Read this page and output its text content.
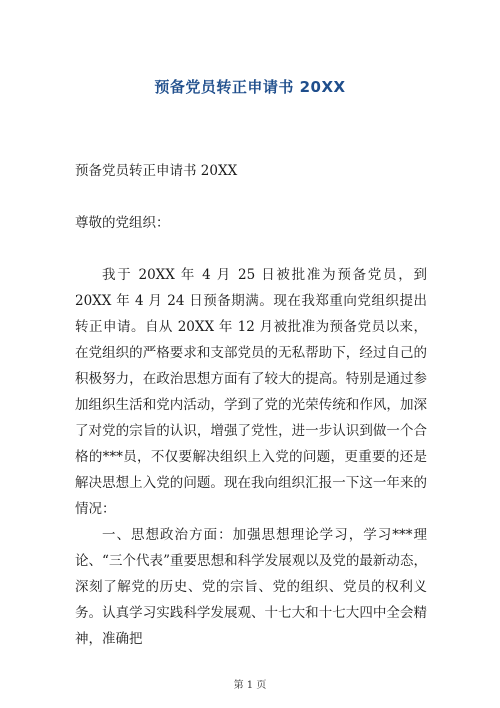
预备党员转正申请书 20XX
预备党员转正申请书 20XX
尊敬的党组织：
我于 20XX 年 4 月 25 日被批准为预备党员，到 20XX 年 4 月 24 日预备期满。现在我郑重向党组织提出转正申请。自从 20XX 年 12 月被批准为预备党员以来，在党组织的严格要求和支部党员的无私帮助下，经过自己的积极努力，在政治思想方面有了较大的提高。特别是通过参加组织生活和党内活动，学到了党的光荣传统和作风，加深了对党的宗旨的认识，增强了党性，进一步认识到做一个合格的***员，不仅要解决组织上入党的问题，更重要的还是解决思想上入党的问题。现在我向组织汇报一下这一年来的情况：
一、思想政治方面：加强思想理论学习，学习***理论、“三个代表”重要思想和科学发展观以及党的最新动态，深刻了解党的历史、党的宗旨、党的组织、党员的权利义务。认真学习实践科学发展观、十七大和十七大四中全会精神，准确把
第 1 页
